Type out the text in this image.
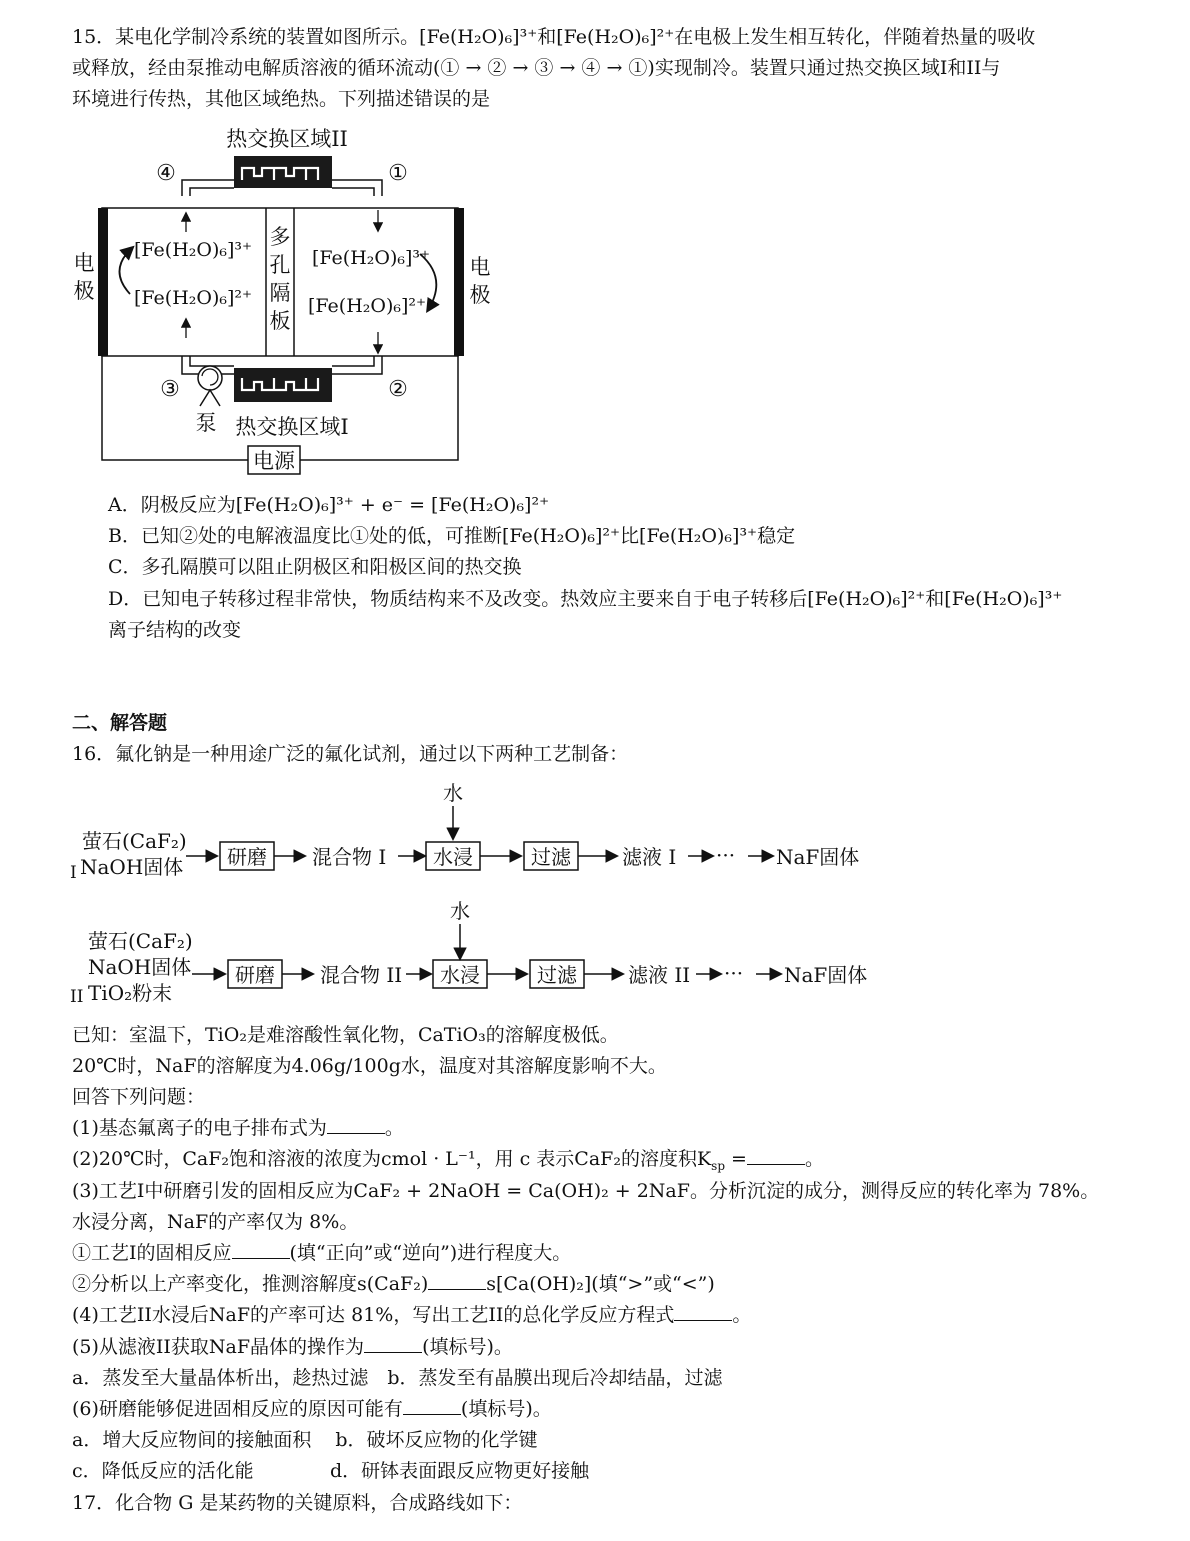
15．某电化学制冷系统的装置如图所示。[Fe(H₂O)₆]³⁺和[Fe(H₂O)₆]²⁺在电极上发生相互转化，伴随着热量的吸收
或释放，经由泵推动电解质溶液的循环流动(① → ② → ③ → ④ → ①)实现制冷。装置只通过热交换区域I和II与
环境进行传热，其他区域绝热。下列描述错误的是
热交换区域II
④	①
多
孔
隔
板
电
极
电
极
[Fe(H₂O)₆]³⁺
[Fe(H₂O)₆]²⁺
[Fe(H₂O)₆]³⁺
[Fe(H₂O)₆]²⁺
③	②
泵 热交换区域I
电源
A．阴极反应为[Fe(H₂O)₆]³⁺ + e⁻ = [Fe(H₂O)₆]²⁺
B．已知②处的电解液温度比①处的低，可推断[Fe(H₂O)₆]²⁺比[Fe(H₂O)₆]³⁺稳定
C．多孔隔膜可以阻止阴极区和阳极区间的热交换
D．已知电子转移过程非常快，物质结构来不及改变。热效应主要来自于电子转移后[Fe(H₂O)₆]²⁺和[Fe(H₂O)₆]³⁺
离子结构的改变
二、解答题
16．氟化钠是一种用途广泛的氟化试剂，通过以下两种工艺制备：
萤石(CaF₂)
I NaOH固体 研磨 混合物 I
水
水浸	过滤	滤液 I ··· NaF固体
水
萤石(CaF₂)
NaOH固体
II TiO₂粉末
研磨 混合物 II 水浸	过滤	滤液 II ··· NaF固体
已知：室温下，TiO₂是难溶酸性氧化物，CaTiO₃的溶解度极低。
20℃时，NaF的溶解度为4.06g/100g水，温度对其溶解度影响不大。
回答下列问题：
(1)基态氟离子的电子排布式为	。
(2)20℃时，CaF₂饱和溶液的浓度为cmol · L⁻¹，用 c 表示CaF₂的溶度积$K_{sp}$ =	。
(3)工艺I中研磨引发的固相反应为CaF₂ + 2NaOH = Ca(OH)₂ + 2NaF。分析沉淀的成分，测得反应的转化率为 78%。
水浸分离，NaF的产率仅为 8%。
①工艺I的固相反应	(填“正向”或“逆向”)进行程度大。
②分析以上产率变化，推测溶解度s(CaF₂)	s[Ca(OH)₂](填“>”或“<”)
(4)工艺II水浸后NaF的产率可达 81%，写出工艺II的总化学反应方程式	。
(5)从滤液II获取NaF晶体的操作为	(填标号)。
a．蒸发至大量晶体析出，趁热过滤　b．蒸发至有晶膜出现后冷却结晶，过滤
(6)研磨能够促进固相反应的原因可能有	(填标号)。
a．增大反应物间的接触面积 b．破坏反应物的化学键
c．降低反应的活化能	d．研钵表面跟反应物更好接触
17．化合物 G 是某药物的关键原料，合成路线如下：
